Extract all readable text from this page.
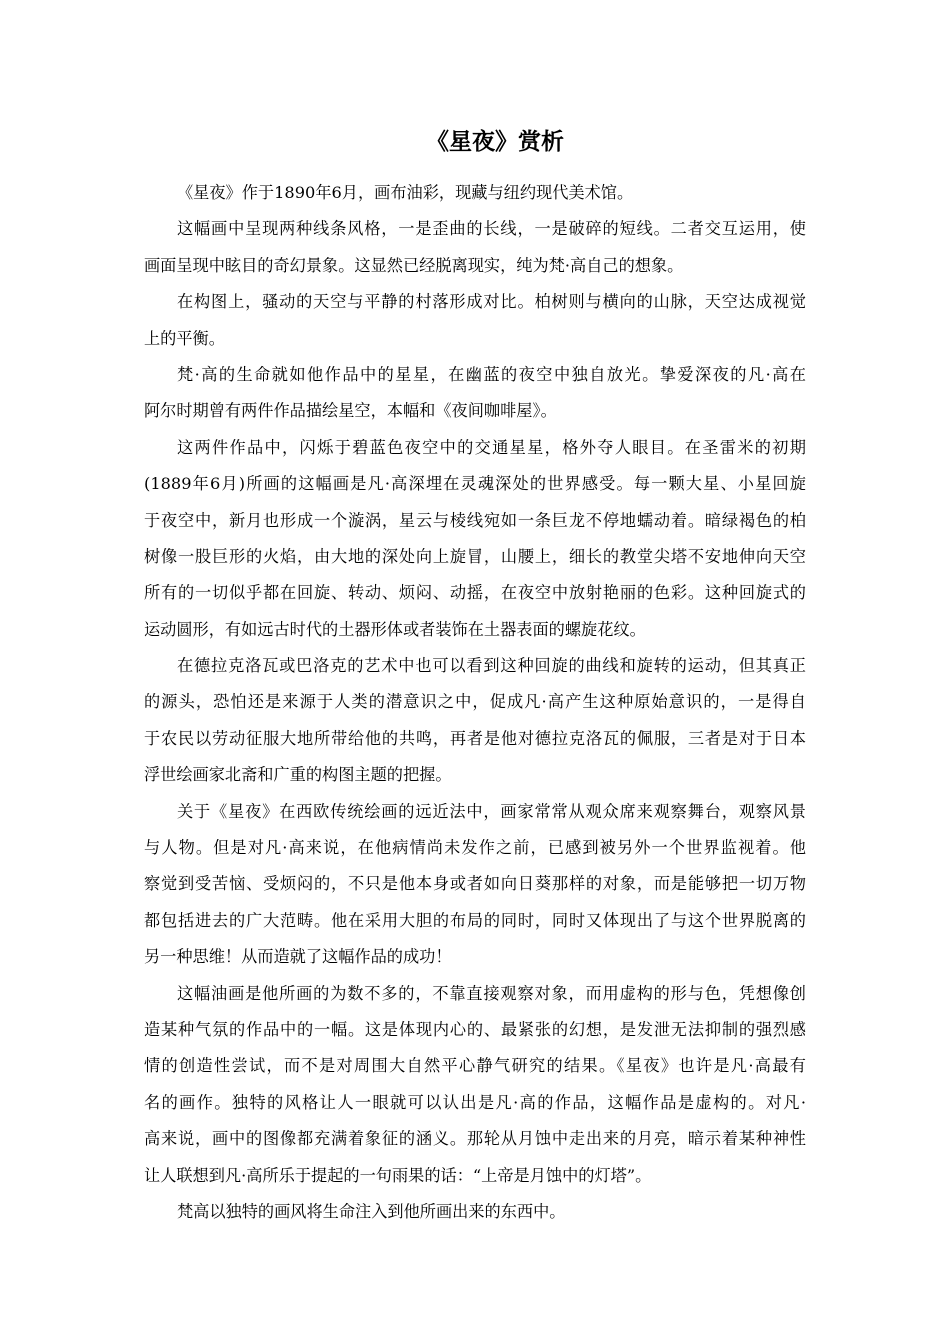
《星夜》赏析
《星夜》作于1890年6月，画布油彩，现藏与纽约现代美术馆。
这幅画中呈现两种线条风格，一是歪曲的长线，一是破碎的短线。二者交互运用，使
画面呈现中眩目的奇幻景象。这显然已经脱离现实，纯为梵·高自己的想象。
在构图上，骚动的天空与平静的村落形成对比。柏树则与横向的山脉，天空达成视觉
上的平衡。
梵·高的生命就如他作品中的星星，在幽蓝的夜空中独自放光。挚爱深夜的凡·高在
阿尔时期曾有两件作品描绘星空，本幅和《夜间咖啡屋》。
这两件作品中，闪烁于碧蓝色夜空中的交通星星，格外夺人眼目。在圣雷米的初期
(1889年6月)所画的这幅画是凡·高深埋在灵魂深处的世界感受。每一颗大星、小星回旋
于夜空中，新月也形成一个漩涡，星云与棱线宛如一条巨龙不停地蠕动着。暗绿褐色的柏
树像一股巨形的火焰，由大地的深处向上旋冒，山腰上，细长的教堂尖塔不安地伸向天空
所有的一切似乎都在回旋、转动、烦闷、动摇，在夜空中放射艳丽的色彩。这种回旋式的
运动圆形，有如远古时代的土器形体或者装饰在土器表面的螺旋花纹。
在德拉克洛瓦或巴洛克的艺术中也可以看到这种回旋的曲线和旋转的运动，但其真正
的源头，恐怕还是来源于人类的潜意识之中，促成凡·高产生这种原始意识的，一是得自
于农民以劳动征服大地所带给他的共鸣，再者是他对德拉克洛瓦的佩服，三者是对于日本
浮世绘画家北斋和广重的构图主题的把握。
关于《星夜》在西欧传统绘画的远近法中，画家常常从观众席来观察舞台，观察风景
与人物。但是对凡·高来说，在他病情尚未发作之前，已感到被另外一个世界监视着。他
察觉到受苦恼、受烦闷的，不只是他本身或者如向日葵那样的对象，而是能够把一切万物
都包括进去的广大范畴。他在采用大胆的布局的同时，同时又体现出了与这个世界脱离的
另一种思维！从而造就了这幅作品的成功！
这幅油画是他所画的为数不多的，不靠直接观察对象，而用虚构的形与色，凭想像创
造某种气氛的作品中的一幅。这是体现内心的、最紧张的幻想，是发泄无法抑制的强烈感
情的创造性尝试，而不是对周围大自然平心静气研究的结果。《星夜》也许是凡·高最有
名的画作。独特的风格让人一眼就可以认出是凡·高的作品，这幅作品是虚构的。对凡·
高来说，画中的图像都充满着象征的涵义。那轮从月蚀中走出来的月亮，暗示着某种神性
让人联想到凡·高所乐于提起的一句雨果的话：“上帝是月蚀中的灯塔”。
梵高以独特的画风将生命注入到他所画出来的东西中。
